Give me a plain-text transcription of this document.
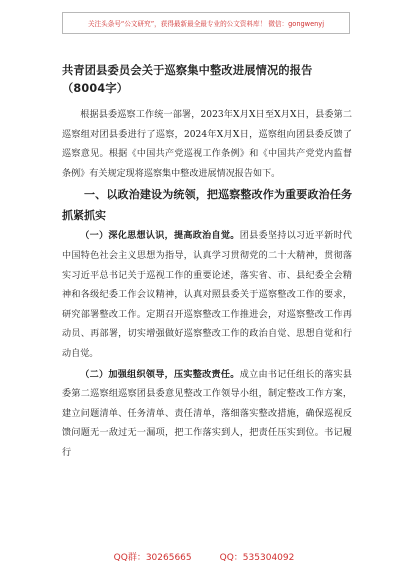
关注头条号“公文研究”，获得最新最全最专业的公文资料库！ 微信：gongwenyj
共青团县委员会关于巡察集中整改进展情况的报告（8004字）

根据县委巡察工作统一部署，2023年X月X日至X月X日，县委第二巡察组对团县委进行了巡察，2024年X月X日，巡察组向团县委反馈了巡察意见。根据《中国共产党巡视工作条例》和《中国共产党党内监督条例》有关规定现将巡察集中整改进展情况报告如下。

一、以政治建设为统领，把巡察整改作为重要政治任务抓紧抓实

（一）深化思想认识，提高政治自觉。团县委坚持以习近平新时代中国特色社会主义思想为指导，认真学习贯彻党的二十大精神，贯彻落实习近平总书记关于巡视工作的重要论述，落实省、市、县纪委全会精神和各级纪委工作会议精神，认真对照县委关于巡察整改工作的要求，研究部署整改工作。定期召开巡察整改工作推进会，对巡察整改工作再动员、再部署，切实增强做好巡察整改工作的政治自觉、思想自觉和行动自觉。

（二）加强组织领导，压实整改责任。成立由书记任组长的落实县委第二巡察组巡察团县委意见整改工作领导小组，制定整改工作方案，建立问题清单、任务清单、责任清单，落细落实整改措施，确保巡视反馈问题无一敌过无一漏项，把工作落实到人，把责任压实到位。书记履行

QQ群：30265665	QQ：535304092
